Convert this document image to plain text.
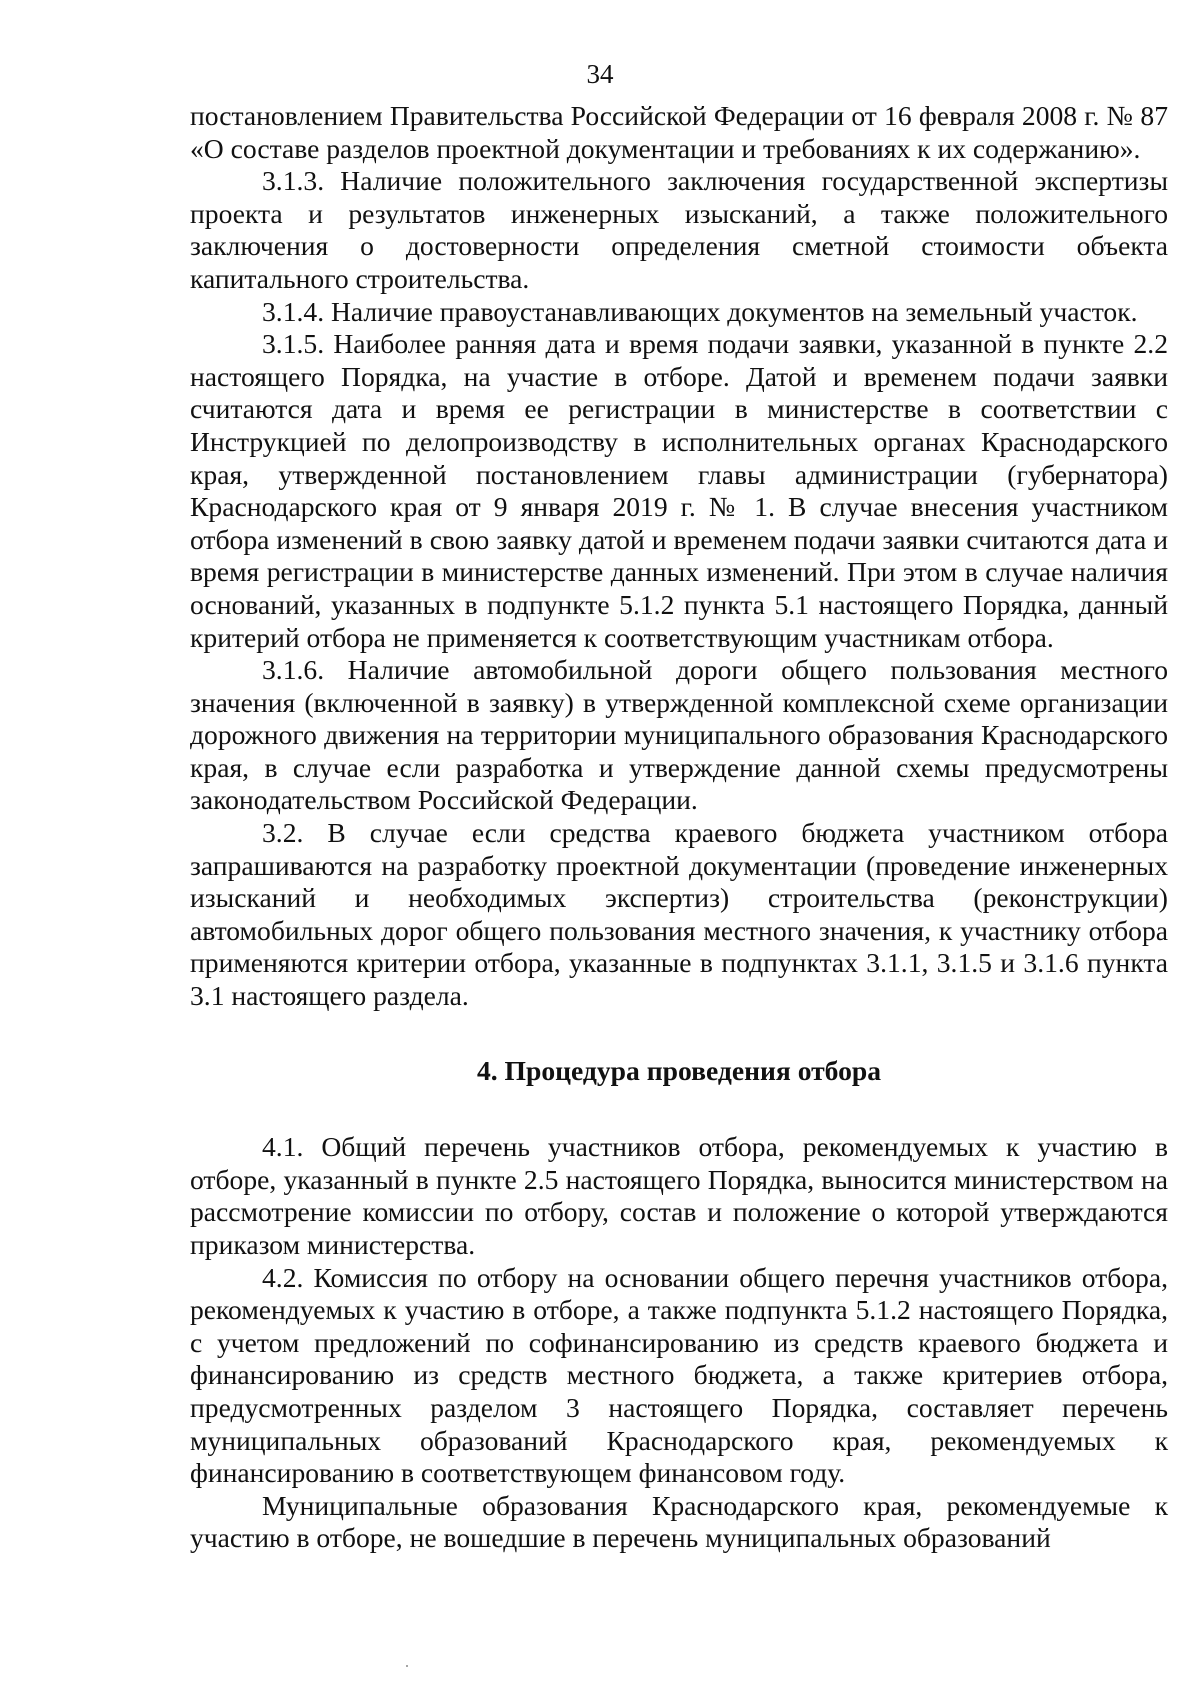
34

постановлением Правительства Российской Федерации от 16 февраля 2008 г. № 87 «О составе разделов проектной документации и требованиях к их содержанию».

3.1.3. Наличие положительного заключения государственной экспертизы проекта и результатов инженерных изысканий, а также положительного заключения о достоверности определения сметной стоимости объекта капитального строительства.

3.1.4. Наличие правоустанавливающих документов на земельный участок.

3.1.5. Наиболее ранняя дата и время подачи заявки, указанной в пункте 2.2 настоящего Порядка, на участие в отборе. Датой и временем подачи заявки считаются дата и время ее регистрации в министерстве в соответствии с Инструкцией по делопроизводству в исполнительных органах Краснодарского края, утвержденной постановлением главы администрации (губернатора) Краснодарского края от 9 января 2019 г. № 1. В случае внесения участником отбора изменений в свою заявку датой и временем подачи заявки считаются дата и время регистрации в министерстве данных изменений. При этом в случае наличия оснований, указанных в подпункте 5.1.2 пункта 5.1 настоящего Порядка, данный критерий отбора не применяется к соответствующим участникам отбора.

3.1.6. Наличие автомобильной дороги общего пользования местного значения (включенной в заявку) в утвержденной комплексной схеме организации дорожного движения на территории муниципального образования Краснодарского края, в случае если разработка и утверждение данной схемы предусмотрены законодательством Российской Федерации.

3.2. В случае если средства краевого бюджета участником отбора запрашиваются на разработку проектной документации (проведение инженерных изысканий и необходимых экспертиз) строительства (реконструкции) автомобильных дорог общего пользования местного значения, к участнику отбора применяются критерии отбора, указанные в подпунктах 3.1.1, 3.1.5 и 3.1.6 пункта 3.1 настоящего раздела.

4. Процедура проведения отбора

4.1. Общий перечень участников отбора, рекомендуемых к участию в отборе, указанный в пункте 2.5 настоящего Порядка, выносится министерством на рассмотрение комиссии по отбору, состав и положение о которой утверждаются приказом министерства.

4.2. Комиссия по отбору на основании общего перечня участников отбора, рекомендуемых к участию в отборе, а также подпункта 5.1.2 настоящего Порядка, с учетом предложений по софинансированию из средств краевого бюджета и финансированию из средств местного бюджета, а также критериев отбора, предусмотренных разделом 3 настоящего Порядка, составляет перечень муниципальных образований Краснодарского края, рекомендуемых к финансированию в соответствующем финансовом году.

Муниципальные образования Краснодарского края, рекомендуемые к участию в отборе, не вошедшие в перечень муниципальных образований
